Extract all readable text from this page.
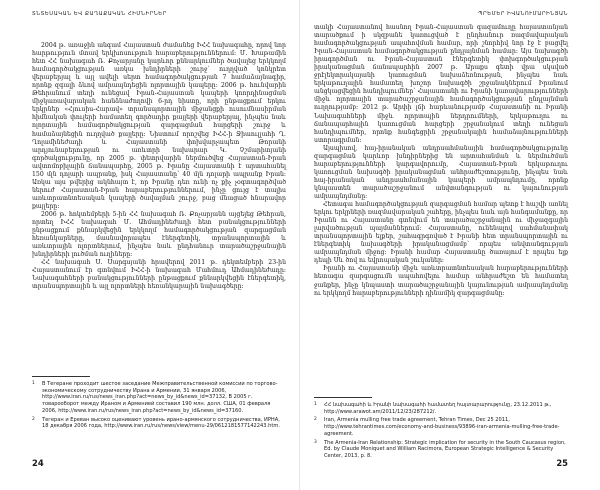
ՏՆՏԵՍԱԿԱՆ ԵՎ ՔԱՂԱՔԱԿԱՆ ՀԻՄՆԻՐՆԵՐ

2004 թ. առաջին անգամ Հայաստան ժամանեց ԻՀՀ նախագահը, որով նոր հարթություն մտավ երկխոսություն հարաբերություններում: Մ. Խաթամին հետ ՀՀ նախագահ Ռ. Քոչարյանը կարևոր քննարկումներ ծավալեց երկկողմ համագործակցության առկա խնդիրների շուրջ՝ ուղղված կոնկրետ վերաբերյալ և այլ ավելի սերտ համագործակցության 7 համաձայնագիր, որոնք զգալի ձևով ամրապնդեցին ոլորտային կապերը: 2006 թ. հունվարին Թեհրանում տեղի ունեցավ Իրան-Հայաստան կապերի կոորդինացման միջկառավարական հանձնաժողովի 6-րդ նիստը, որի ընթացքում երկու երկրներ «Հյուսիս-Հարավ» տրանսպորտային միջանցքի ուսումնասիրման հիմնական փուլերի համատեղ գործադիր քայլերի վերաբերյալ, ինչպես նաև ոլորտային համագործակցության զարգացման հարցերի շուրջ և համաձայնեցին ուղղված քայլերը: Նիստում որոշվեց ԻՀՀ-ի Ջիաուլլահի Ղ. Ղոլամինեժադի և Հայաստանի փոխվարչապետ Թորանի արդյունաբերության ու առևտրի նախարար Կ. Չշմարիտյանի գործակցությունը, որ 2005 թ. փետրվարին ներմուծվեց Հայաստան-Իրան ավտոմոբիլային ճանապարհը, 2005 թ. Իրանը Հայաստանի է արտահանել 150 մլն դոլարի ապրանք, իսկ Հայաստանը՝ 40 մլն դոլարի ապրանք Իրան: Առկա այս թվերից ակնհայտ է, որ Իրանը դեռ ունի ոչ քիչ չօգտագործված ներուժ Հայաստան-Իրան հարաբերություններում, ինչը ցույց է տալիս առևտրատնտեսական կապերի ծավալման շուրջ, բաց մնացած հնարավոր քայլերը:

2006 թ. հոկտեմբերի 5-ին ՀՀ նախագահ Ռ. Քոչարյանն այցելեց Թեհրան, որտեղ ԻՀՀ նախագահ Մ. Ահմադինեժադի հետ բանակցությունների ընթացքում քննարկվեցին երկկողմ համագործակցության զարգացման հեռանկարները, մասնավորապես էներգետիկ, տրանսպորտային և առևտրային ոլորտներում, ինչպես նաև ընդհանուր տարածաշրջանային խնդիրների լուծման ուղիները:

ՀՀ նախագահ Ս. Սարգսյանի հրավերով 2011 թ. դեկտեմբերի 23-ին Հայաստանում էր գտնվում ԻՀՀ-ի նախագահ Մահմուդ Ահմադինեժադը: Նախագահների բանակցությունների ընթացքում քննարկվեցին էներգետիկ, տրանսպորտային և այլ ոլորտների հեռանկարային նախագծերը:

1	В Тегеране проходит шестое заседание Межправительственной комиссии по торгово-экономическому сотрудничеству Ирана и Армении, 31 января 2006, http://www.iran.ru/rus/news_iran.php?act=news_by_id&news_id=37132, В 2005 г. товарооборот между Ираном и Арменией составил 190 млн. долл. США, 01 февраля 2006, http://www.iran.ru/rus/news_iran.php?act=news_by_id&news_id=37160.
2	Тегеран и Ереван высоко оценивают уровень ирано-армянского сотрудничества, ИРНА, 18 декабря 2006 года, http://www.iran.ru/rus/news/view/menu-29/0612181577142243.htm.
24
ՊՐԵՄԵՐ ԻՎԱՆՈՒՄԱՐԻՆՅԱՆ

տակի Հայաստանով հասնող Իրան-Հայաստան գազամուղը հայաստանյան տարածքում ի սկզբանե կառուցված է ընդհանուր ռազմավարական համագործակցության ապահովման համար, որի շնորհիվ նոր էջ է բացվել Իրան-Հայաստան համագործակցության ընդլայնման համար: Այս նախագծի իրագործման ու Իրան-Հայաստան էներգետիկ փոխգործակցության իրականացման ճանապարհին 2007 թ. Արաքս գետի վրա սկսված ջրէլեկտրակայանի կառուցման նախաձեռնության, ինչպես նաև երկաթուղային համատեղ խոշոր նախագծի շրջանակներում Իրանում անցկացվեցին հանդիպումներ՝ Հայաստանի ու Իրանի կառավարությունների միջև ոլորտային տարածաշրջանային համագործակցության ընդլայնման ուղղությամբ: 2012 թ. Արփի լճի հարևանությամբ Հայաստանի ու Իրանի Նախագահների միջև ոլորտային ներդրումների, երկաթուղու ու ճանապարհային կառուցման հարցերի շրջանակում տեղի ունեցան հանդիպումներ, որոնք հանգեցրին շրջանակային համաձայնությունների ստորագրման:

Այսպիսով, հայ-իրանական անդրսահմանային համագործակցությունը զարգացման կարևոր խնդիրներից են արտահանման և ներմուծման հարաբերությունների կարգավորումը, Հայաստան-Իրան երկաթուղու կառուցման նախագծի իրականացման անհրաժեշտությունը, ինչպես նաև հայ-իրանական անդրսահմանային կապերի ամրապնդումը, որոնք կնպաստեն տարածաշրջանում անվտանգության ու կայունության ամրապնդմանը:

Հետագա համագործակցության զարգացման համար պետք է հաշվի առնել երկու երկրների ռազմավարական շահերը, ինչպես նաև այն հանգամանքը, որ Իրանն ու Հայաստանը գտնվում են տարածաշրջանային ու միջազգային լարվածության պայմաններում: Հայաստանը, ունենալով սահմանափակ տրանսպորտային ելքեր, շահագրգռված է Իրանի հետ տրանսպորտային ու էներգետիկ նախագծերի իրականացմամբ՝ որպես անվտանգության ամրապնդման միջոց: Իրանի համար Հայաստանը ծառայում է որպես ելք դեպի Սև ծով ու եվրոպական շուկաներ:

Իրանի ու Հայաստանի միջև առևտրատնտեսական հարաբերությունների հետագա զարգացումն ապահովելու համար անհրաժեշտ են համատեղ ջանքեր, ինչը կնպաստի տարածաշրջանային կայունության ամրապնդմանը ու երկկողմ հարաբերությունների դինամիկ զարգացմանը:

1	ՀՀ նախագահի և Իրանի նախագահի համատեղ հայտարարությունը, 23.12.2011 թ., http://www.arawot.am/2011/12/23/287212/.
2	Iran, Armenia mulling free trade agreement, Tehran Times, Dec 25 2011, http://www.tehrantimes.com/economy-and-business/93896-iran-armenia-mulling-free-trade-agreement.
3	The Armenia-Iran Relationship: Strategic implication for security in the South Caucasus region, Ed. by Claude Moniquet and William Racimora, European Strategic Intelligence & Security Center, 2013, p. 8.
25
